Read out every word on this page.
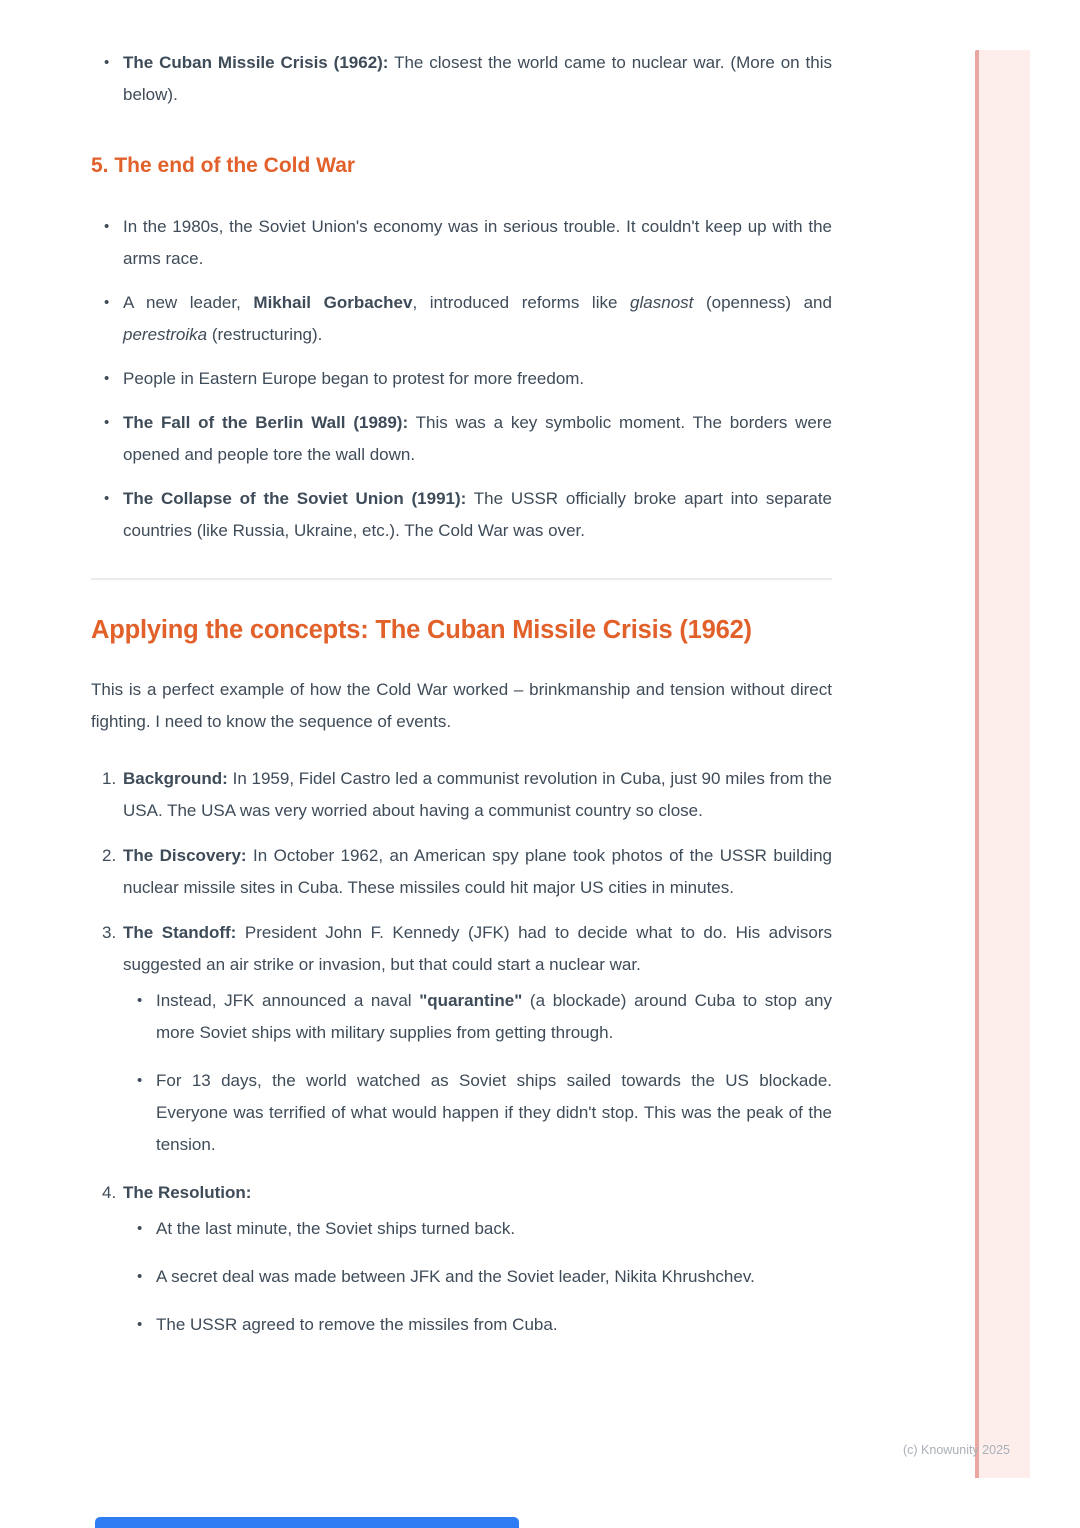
(c) Knowunity 2025
• The Cuban Missile Crisis (1962): The closest the world came to nuclear war. (More on this below).
5. The end of the Cold War
• In the 1980s, the Soviet Union's economy was in serious trouble. It couldn't keep up with the arms race.
• A new leader, Mikhail Gorbachev, introduced reforms like glasnost (openness) and perestroika (restructuring).
• People in Eastern Europe began to protest for more freedom.
• The Fall of the Berlin Wall (1989): This was a key symbolic moment. The borders were opened and people tore the wall down.
• The Collapse of the Soviet Union (1991): The USSR officially broke apart into separate countries (like Russia, Ukraine, etc.). The Cold War was over.
Applying the concepts: The Cuban Missile Crisis (1962)

This is a perfect example of how the Cold War worked – brinkmanship and tension without direct fighting. I need to know the sequence of events.

1. Background: In 1959, Fidel Castro led a communist revolution in Cuba, just 90 miles from the USA. The USA was very worried about having a communist country so close.
2. The Discovery: In October 1962, an American spy plane took photos of the USSR building nuclear missile sites in Cuba. These missiles could hit major US cities in minutes.
3. The Standoff: President John F. Kennedy (JFK) had to decide what to do. His advisors suggested an air strike or invasion, but that could start a nuclear war.
• Instead, JFK announced a naval "quarantine" (a blockade) around Cuba to stop any more Soviet ships with military supplies from getting through.
• For 13 days, the world watched as Soviet ships sailed towards the US blockade. Everyone was terrified of what would happen if they didn't stop. This was the peak of the tension.
4. The Resolution:
• At the last minute, the Soviet ships turned back.
• A secret deal was made between JFK and the Soviet leader, Nikita Khrushchev.
• The USSR agreed to remove the missiles from Cuba.
